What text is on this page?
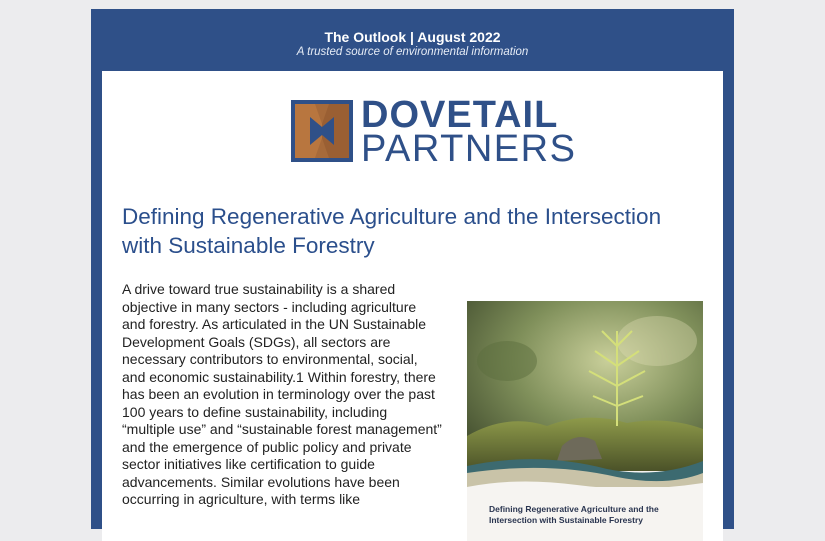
The Outlook | August 2022
A trusted source of environmental information
DOVETAIL
PARTNERS
Defining Regenerative Agriculture and the Intersection with Sustainable Forestry

A drive toward true sustainability is a shared objective in many sectors - including agriculture and forestry. As articulated in the UN Sustainable Development Goals (SDGs), all sectors are necessary contributors to environmental, social, and economic sustainability.1 Within forestry, there has been an evolution in terminology over the past 100 years to define sustainability, including “multiple use” and “sustainable forest management” and the emergence of public policy and private sector initiatives like certification to guide advancements. Similar evolutions have been occurring in agriculture, with terms like

Defining Regenerative Agriculture and the Intersection with Sustainable Forestry
